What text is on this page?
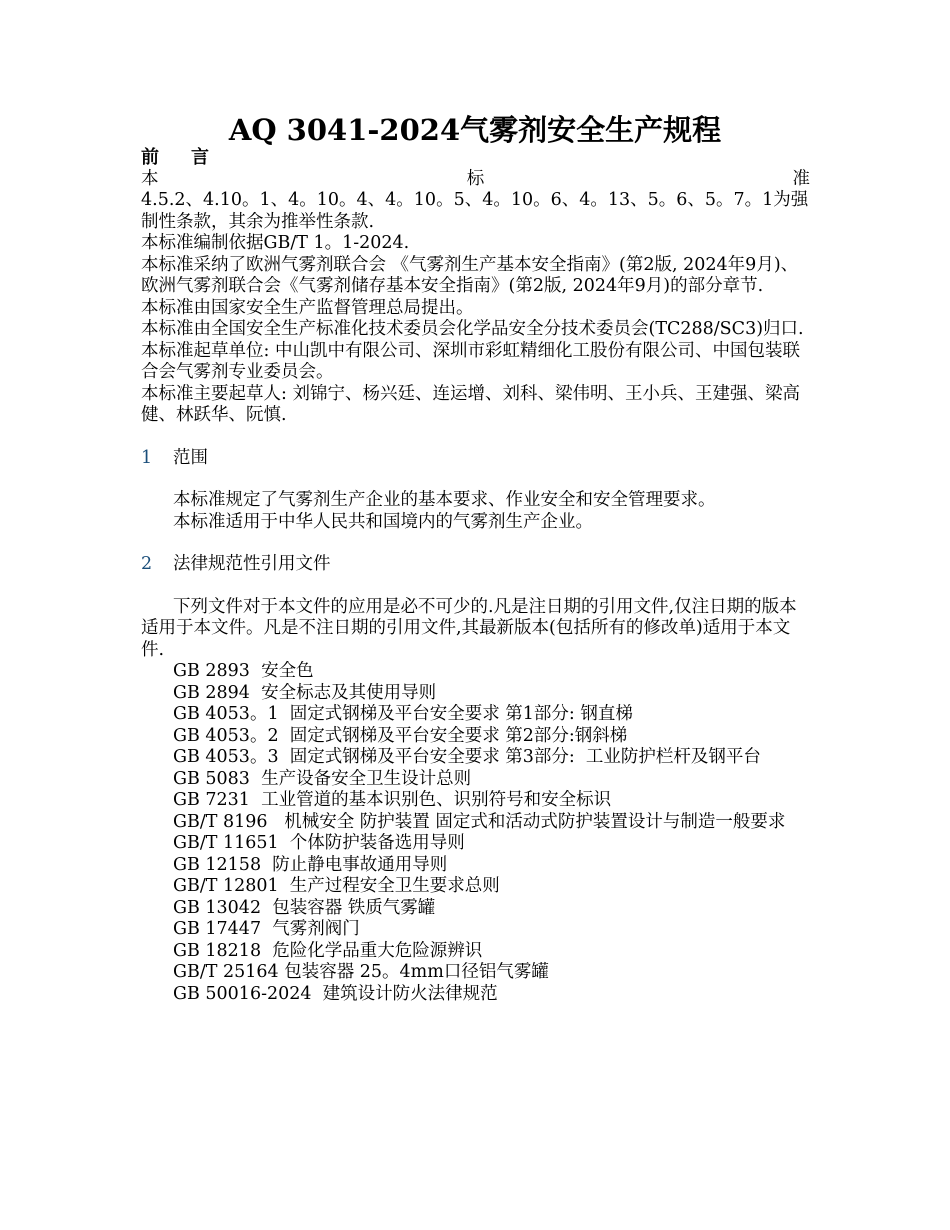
AQ 3041-2024气雾剂安全生产规程

前 言

本	标	准

4.5.2、4.10。1、4。10。4、4。10。5、4。10。6、4。13、5。6、5。7。1为强制性条款，其余为推举性条款.

本标准编制依据GB/T 1。1-2024.

本标准采纳了欧洲气雾剂联合会 《气雾剂生产基本安全指南》(第2版, 2024年9月)、欧洲气雾剂联合会《气雾剂储存基本安全指南》(第2版, 2024年9月)的部分章节.

本标准由国家安全生产监督管理总局提出。

本标准由全国安全生产标准化技术委员会化学品安全分技术委员会(TC288/SC3)归口.

本标准起草单位: 中山凯中有限公司、深圳市彩虹精细化工股份有限公司、中国包装联合会气雾剂专业委员会。

本标准主要起草人: 刘锦宁、杨兴廷、连运增、刘科、梁伟明、王小兵、王建强、梁高健、林跃华、阮慎.

1 范围

本标准规定了气雾剂生产企业的基本要求、作业安全和安全管理要求。

本标准适用于中华人民共和国境内的气雾剂生产企业。

2 法律规范性引用文件

下列文件对于本文件的应用是必不可少的.凡是注日期的引用文件,仅注日期的版本适用于本文件。凡是不注日期的引用文件,其最新版本(包括所有的修改单)适用于本文件.

GB 2893  安全色

GB 2894  安全标志及其使用导则

GB 4053。1  固定式钢梯及平台安全要求 第1部分: 钢直梯

GB 4053。2  固定式钢梯及平台安全要求 第2部分:钢斜梯

GB 4053。3  固定式钢梯及平台安全要求 第3部分:  工业防护栏杆及钢平台

GB 5083  生产设备安全卫生设计总则

GB 7231  工业管道的基本识别色、识别符号和安全标识

GB/T 8196   机械安全 防护装置 固定式和活动式防护装置设计与制造一般要求

GB/T 11651  个体防护装备选用导则

GB 12158  防止静电事故通用导则

GB/T 12801  生产过程安全卫生要求总则

GB 13042  包装容器 铁质气雾罐

GB 17447  气雾剂阀门

GB 18218  危险化学品重大危险源辨识

GB/T 25164 包装容器 25。4mm口径铝气雾罐

GB 50016-2024  建筑设计防火法律规范
